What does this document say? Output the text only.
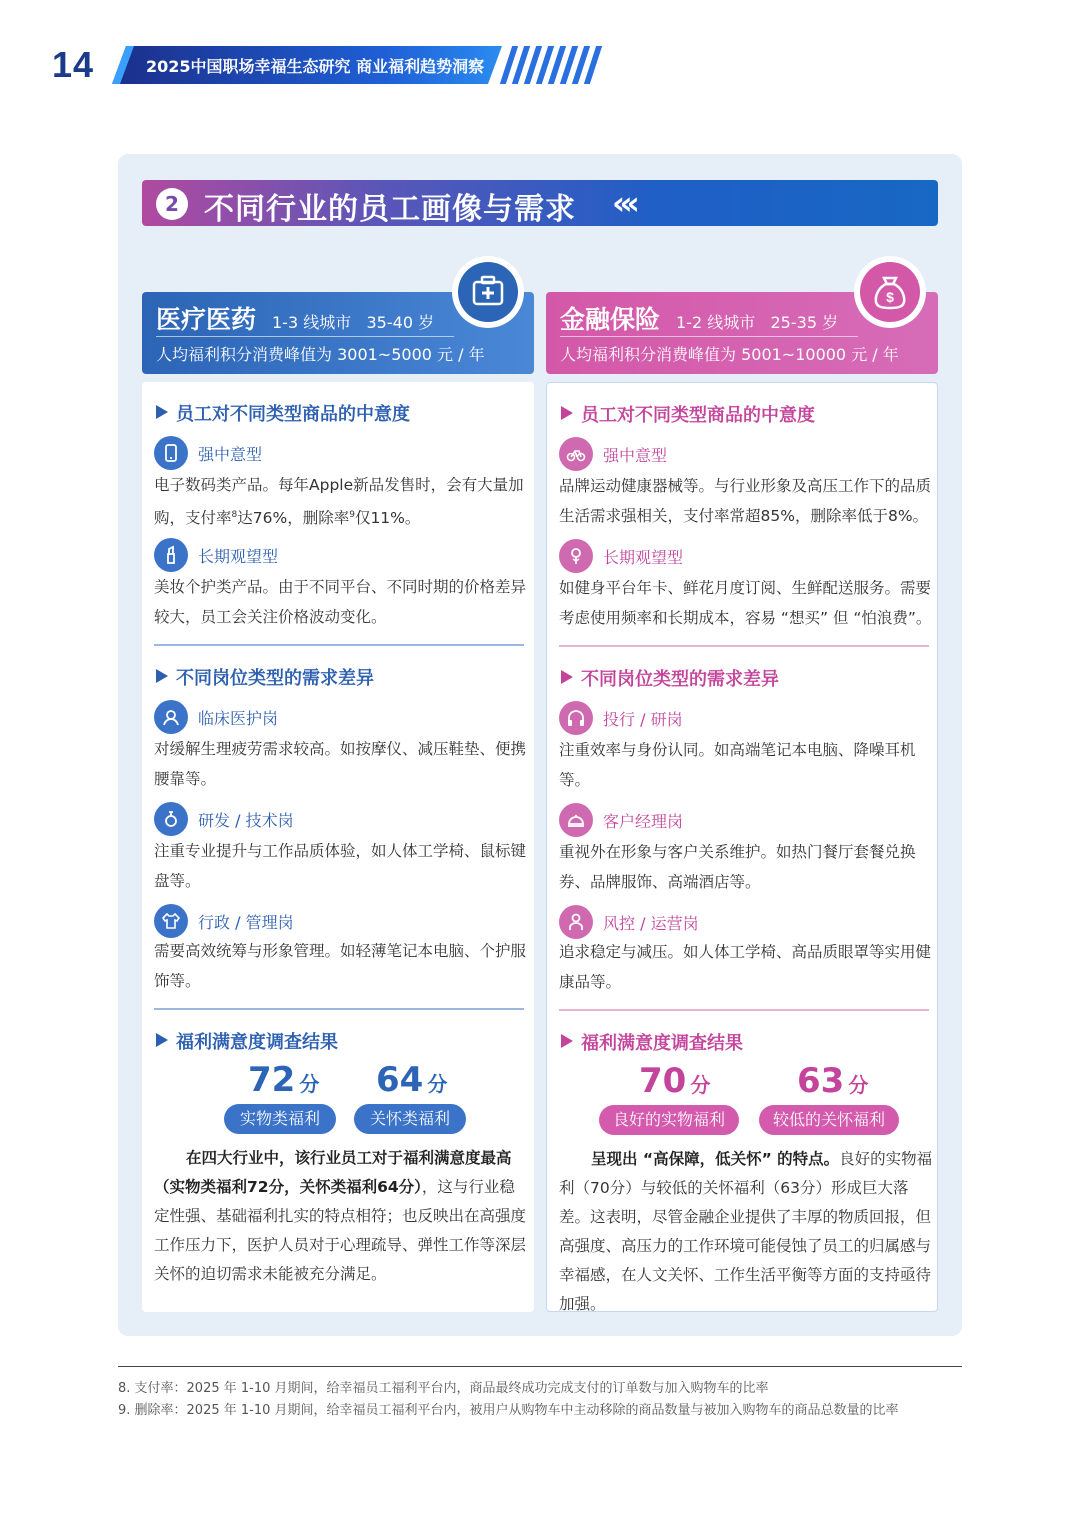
14	2025中国职场幸福生态研究 商业福利趋势洞察
2 不同行业的员工画像与需求 «‹
医疗医药 1-3 线城市 35-40 岁
人均福利积分消费峰值为 3001~5000 元 / 年
金融保险 1-2 线城市 25-35 岁
人均福利积分消费峰值为 5001~10000 元 / 年
$
员工对不同类型商品的中意度
强中意型
电子数码类产品。每年Apple新品发售时，会有大量加购，支付率$^8$达76%，删除率$^9$仅11%。
长期观望型
美妆个护类产品。由于不同平台、不同时期的价格差异较大，员工会关注价格波动变化。
不同岗位类型的需求差异
临床医护岗
对缓解生理疲劳需求较高。如按摩仪、减压鞋垫、便携腰靠等。
研发 / 技术岗
注重专业提升与工作品质体验，如人体工学椅、鼠标键盘等。
行政 / 管理岗
需要高效统筹与形象管理。如轻薄笔记本电脑、个护服饰等。
福利满意度调查结果
72 分 64 分
实物类福利	关怀类福利
在四大行业中，该行业员工对于福利满意度最高（实物类福利72分，关怀类福利64分），这与行业稳定性强、基础福利扎实的特点相符；也反映出在高强度工作压力下，医护人员对于心理疏导、弹性工作等深层关怀的迫切需求未能被充分满足。
员工对不同类型商品的中意度
强中意型
品牌运动健康器械等。与行业形象及高压工作下的品质生活需求强相关，支付率常超85%，删除率低于8%。
长期观望型
如健身平台年卡、鲜花月度订阅、生鲜配送服务。需要考虑使用频率和长期成本，容易 “想买” 但 “怕浪费”。
不同岗位类型的需求差异
投行 / 研岗
注重效率与身份认同。如高端笔记本电脑、降噪耳机等。
客户经理岗
重视外在形象与客户关系维护。如热门餐厅套餐兑换券、品牌服饰、高端酒店等。
风控 / 运营岗
追求稳定与减压。如人体工学椅、高品质眼罩等实用健康品等。
福利满意度调查结果
70 分	63 分
良好的实物福利	较低的关怀福利
呈现出 “高保障，低关怀” 的特点。良好的实物福利（70分）与较低的关怀福利（63分）形成巨大落差。这表明，尽管金融企业提供了丰厚的物质回报，但高强度、高压力的工作环境可能侵蚀了员工的归属感与幸福感，在人文关怀、工作生活平衡等方面的支持亟待加强。
8. 支付率：2025 年 1-10 月期间，给幸福员工福利平台内，商品最终成功完成支付的订单数与加入购物车的比率
9. 删除率：2025 年 1-10 月期间，给幸福员工福利平台内，被用户从购物车中主动移除的商品数量与被加入购物车的商品总数量的比率
